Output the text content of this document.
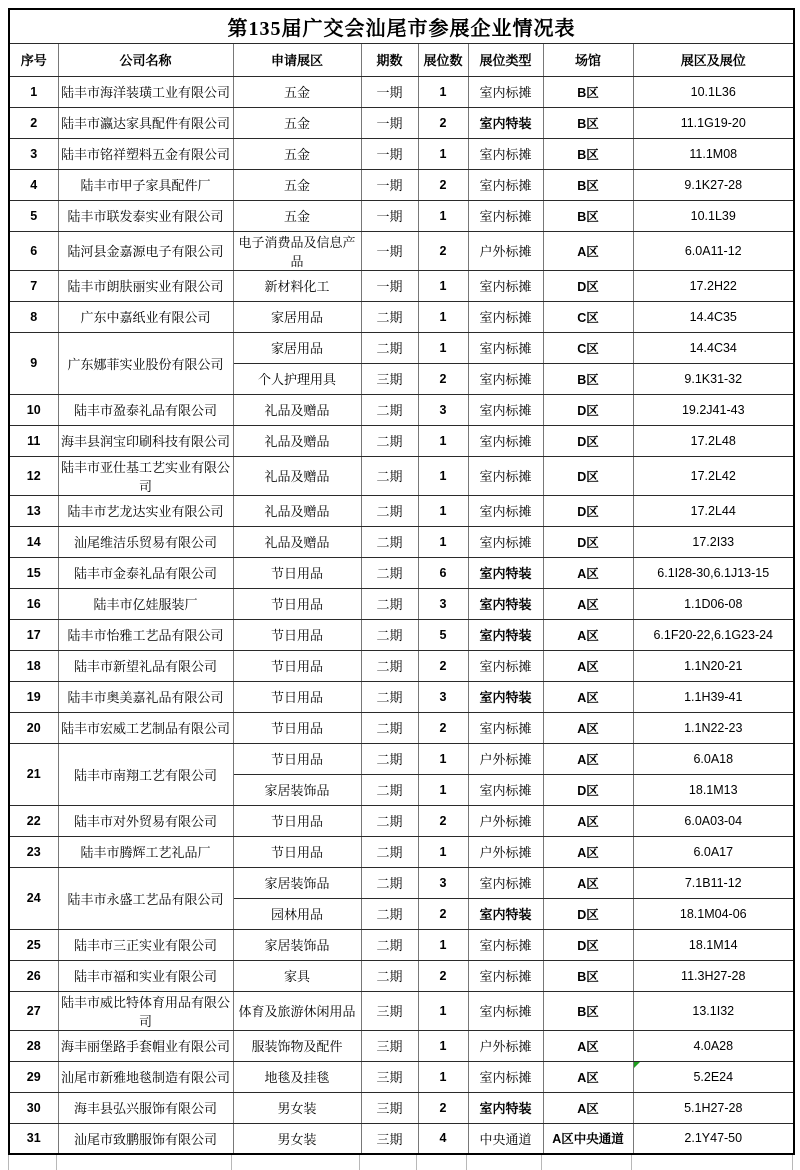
第135届广交会汕尾市参展企业情况表							
序号	公司名称	申请展区	期数	展位数	展位类型	场馆	展区及展位
1	陆丰市海洋装璜工业有限公司	五金	一期	1	室内标摊	B区	10.1L36
2	陆丰市瀛达家具配件有限公司	五金	一期	2	室内特装	B区	11.1G19-20
3	陆丰市铭祥塑料五金有限公司	五金	一期	1	室内标摊	B区	11.1M08
4	陆丰市甲子家具配件厂	五金	一期	2	室内标摊	B区	9.1K27-28
5	陆丰市联发泰实业有限公司	五金	一期	1	室内标摊	B区	10.1L39
6	陆河县金嘉源电子有限公司	电子消费品及信息产品	一期	2	户外标摊	A区	6.0A11-12
7	陆丰市朗肤丽实业有限公司	新材料化工	一期	1	室内标摊	D区	17.2H22
8	广东中嘉纸业有限公司	家居用品	二期	1	室内标摊	C区	14.4C35
9	广东娜菲实业股份有限公司	家居用品	二期	1	室内标摊	C区	14.4C34
		个人护理用具	三期	2	室内标摊	B区	9.1K31-32
10	陆丰市盈泰礼品有限公司	礼品及赠品	二期	3	室内标摊	D区	19.2J41-43
11	海丰县润宝印刷科技有限公司	礼品及赠品	二期	1	室内标摊	D区	17.2L48
12	陆丰市亚仕基工艺实业有限公司	礼品及赠品	二期	1	室内标摊	D区	17.2L42
13	陆丰市艺龙达实业有限公司	礼品及赠品	二期	1	室内标摊	D区	17.2L44
14	汕尾维洁乐贸易有限公司	礼品及赠品	二期	1	室内标摊	D区	17.2I33
15	陆丰市金泰礼品有限公司	节日用品	二期	6	室内特装	A区	6.1I28-30,6.1J13-15
16	陆丰市亿娃服装厂	节日用品	二期	3	室内特装	A区	1.1D06-08
17	陆丰市怡雅工艺品有限公司	节日用品	二期	5	室内特装	A区	6.1F20-22,6.1G23-24
18	陆丰市新望礼品有限公司	节日用品	二期	2	室内标摊	A区	1.1N20-21
19	陆丰市奥美嘉礼品有限公司	节日用品	二期	3	室内特装	A区	1.1H39-41
20	陆丰市宏威工艺制品有限公司	节日用品	二期	2	室内标摊	A区	1.1N22-23
21	陆丰市南翔工艺有限公司	节日用品	二期	1	户外标摊	A区	6.0A18
		家居装饰品	二期	1	室内标摊	D区	18.1M13
22	陆丰市对外贸易有限公司	节日用品	二期	2	户外标摊	A区	6.0A03-04
23	陆丰市腾辉工艺礼品厂	节日用品	二期	1	户外标摊	A区	6.0A17
24	陆丰市永盛工艺品有限公司	家居装饰品	二期	3	室内标摊	A区	7.1B11-12
		园林用品	二期	2	室内特装	D区	18.1M04-06
25	陆丰市三正实业有限公司	家居装饰品	二期	1	室内标摊	D区	18.1M14
26	陆丰市福和实业有限公司	家具	二期	2	室内标摊	B区	11.3H27-28
27	陆丰市威比特体育用品有限公司	体育及旅游休闲用品	三期	1	室内标摊	B区	13.1I32
28	海丰丽堡路手套帽业有限公司	服装饰物及配件	三期	1	户外标摊	A区	4.0A28
29	汕尾市新雅地毯制造有限公司	地毯及挂毯	三期	1	室内标摊	A区	5.2E24

30	海丰县弘兴服饰有限公司	男女装	三期	2	室内特装	A区	5.1H27-28
31	汕尾市致鹏服饰有限公司	男女装	三期	4	中央通道	A区中央通道	2.1Y47-50
